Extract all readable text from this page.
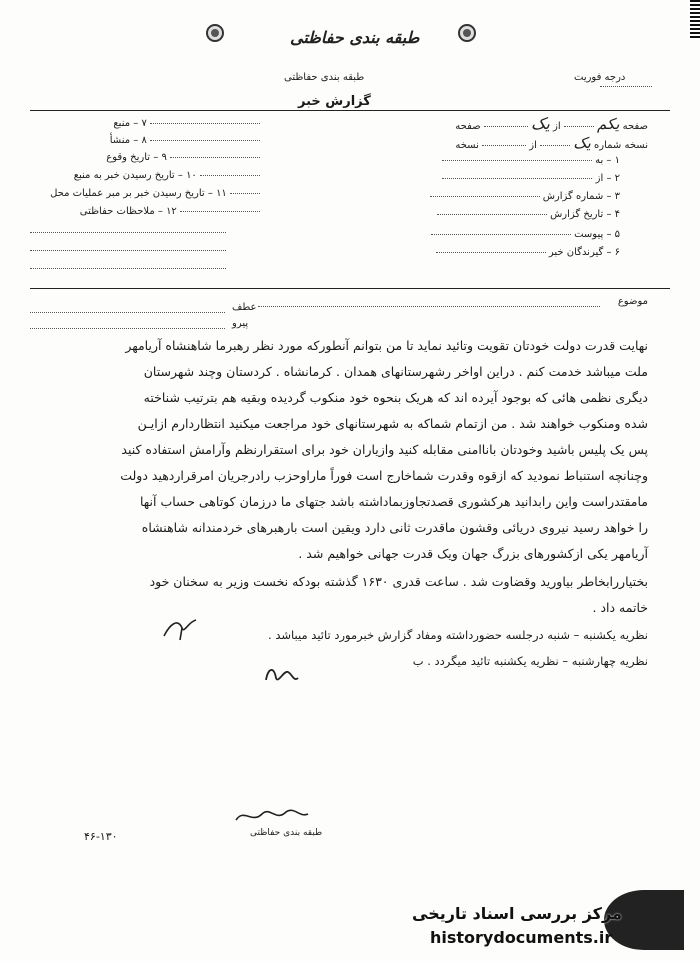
طبقه بندی حفاظتی
طبقه بندی حفاظتی
گزارش خبر
درجه فوریت
۷ – منبع
۸ – منشأ
۹ – تاریخ وقوع
۱۰ – تاریخ رسیدن خبر به منبع
۱۱ – تاریخ رسیدن خبر بر مبر عملیات محل
۱۲ – ملاحظات حفاظتی
صفحه یکم  از یک  صفحه
نسخه شماره یک  از  نسخه
۱ – به
۲ – از
۳ – شماره گزارش
۴ – تاریخ گزارش
۵ – پیوست
۶ – گیرندگان خبر
موضوع
عطف
پیرو
نهایت قدرت دولت خودتان تقویت وتائید نماید تا من بتوانم آنطورکه مورد نظر رهبرما شاهنشاه آریامهر
ملت میباشد خدمت کنم . دراین اواخر رشهرستانهای همدان . کرمانشاه . کردستان وچند شهرستان
دیگری نظمی هائی که بوجود آیرده اند که هریک بنحوه خود منکوب گردیده وبقیه هم بترتیب شناخته
شده ومنکوب خواهند شد . من ازتمام شماکه به شهرستانهای خود مراجعت میکنید انتظاردارم ازایـن
پس یک پلیس باشید وخودتان باناامنی مقابله کنید وازیاران خود برای استقرارنظم وآرامش استفاده کنید
وچنانچه استنباط نمودید که ازقوه وقدرت شماخارج است فوراً ماراوحزب رادرجریان امرقراردهید دولت
مامقتدراست واین رابدانید هرکشوری قصدتجاوزبماداشته باشد جتهای ما درزمان کوتاهی حساب آنها
را خواهد رسید نیروی دریائی وقشون ماقدرت ثانی دارد ویقین است بارهبرهای خردمندانه شاهنشاه
آریامهر یکی ازکشورهای بزرگ جهان ویک قدرت جهانی خواهیم شد .
بختیاررابخاطر بیاورید وقضاوت شد . ساعت قدری ۱۶۳۰ گذشته بودکه نخست وزیر به سخنان خود
خاتمه داد .
نظریه یکشنبه – شنبه درجلسه حضورداشته ومفاد گزارش خبرمورد تائید میباشد .
نظریه چهارشنبه – نظریه یکشنبه تائید میگردد . ب
طبقه بندی حفاظتی
۴۶-۱۳۰
مرکز بررسی اسناد تاریخی
historydocuments.ir
